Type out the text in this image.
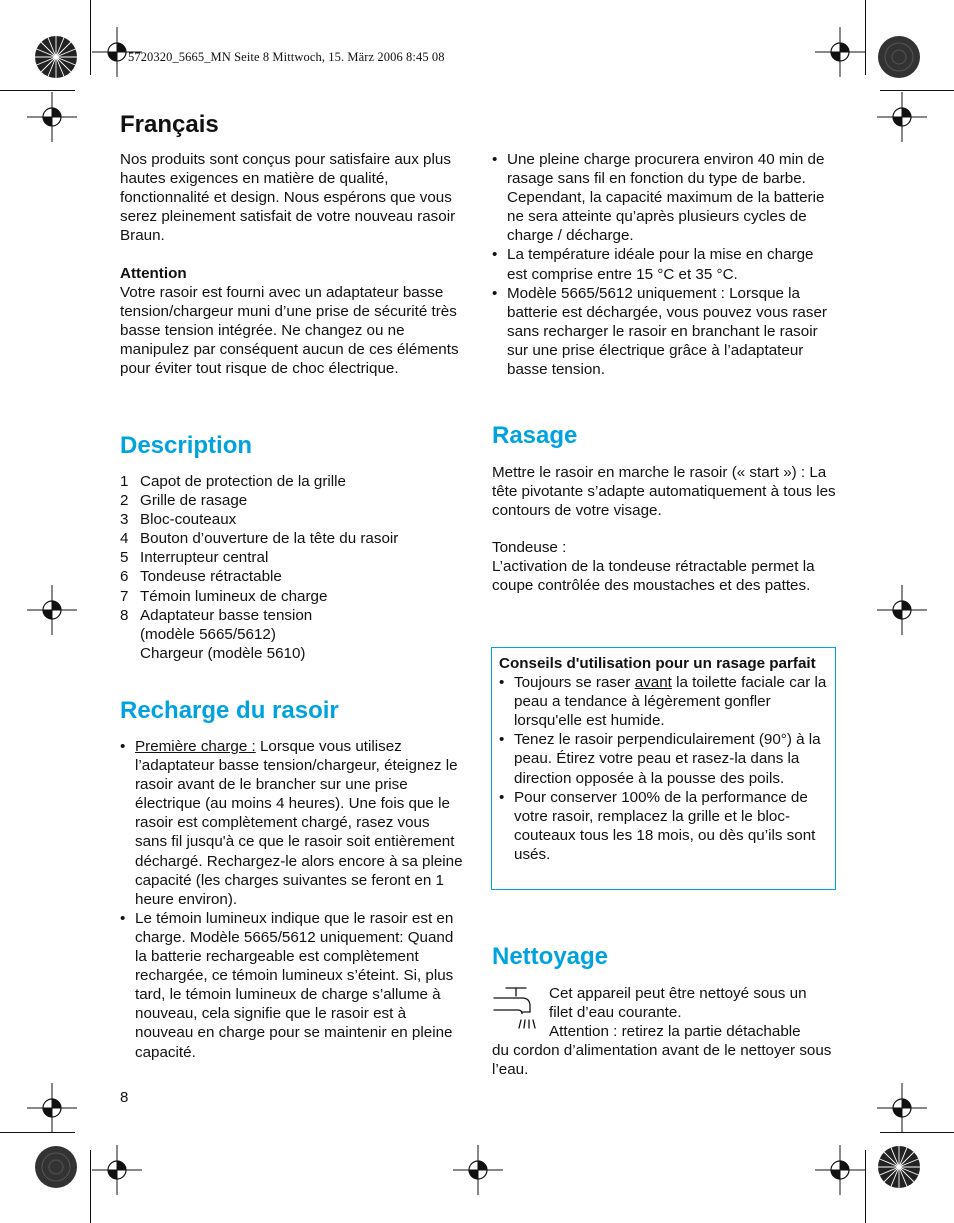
5720320_5665_MN Seite 8 Mittwoch, 15. März 2006 8:45 08
Français

Nos produits sont conçus pour satisfaire aux plus hautes exigences en matière de qualité, fonctionnalité et design. Nous espérons que vous serez pleinement satisfait de votre nouveau rasoir Braun.

Attention

Votre rasoir est fourni avec un adaptateur basse tension/chargeur muni d’une prise de sécurité très basse tension intégrée. Ne changez ou ne manipulez par conséquent aucun de ces éléments pour éviter tout risque de choc électrique.

Description
1 Capot de protection de la grille
2 Grille de rasage
3 Bloc-couteaux
4 Bouton d’ouverture de la tête du rasoir
5 Interrupteur central
6 Tondeuse rétractable
7 Témoin lumineux de charge
8 Adaptateur basse tension
(modèle 5665/5612)
Chargeur (modèle 5610)
Recharge du rasoir
• Première charge : Lorsque vous utilisez l’adaptateur basse tension/chargeur, éteignez le rasoir avant de le brancher sur une prise électrique (au moins 4 heures). Une fois que le rasoir est complètement chargé, rasez vous sans fil jusqu'à ce que le rasoir soit entièrement déchargé. Rechargez-le alors encore à sa pleine capacité (les charges suivantes se feront en 1 heure environ).
• Le témoin lumineux indique que le rasoir est en charge. Modèle 5665/5612 uniquement: Quand la batterie rechargeable est complètement rechargée, ce témoin lumineux s’éteint. Si, plus tard, le témoin lumineux de charge s’allume à nouveau, cela signifie que le rasoir est à nouveau en charge pour se maintenir en pleine capacité.
8
• Une pleine charge procurera environ 40 min de rasage sans fil en fonction du type de barbe. Cependant, la capacité maximum de la batterie ne sera atteinte qu’après plusieurs cycles de charge / décharge.
• La température idéale pour la mise en charge est comprise entre 15 °C et 35 °C.
• Modèle 5665/5612 uniquement : Lorsque la batterie est déchargée, vous pouvez vous raser sans recharger le rasoir en branchant le rasoir sur une prise électrique grâce à l’adaptateur basse tension.
Rasage

Mettre le rasoir en marche le rasoir (« start ») : La tête pivotante s’adapte automatiquement à tous les contours de votre visage.

Tondeuse :

L’activation de la tondeuse rétractable permet la coupe contrôlée des moustaches et des pattes.

Conseils d'utilisation pour un rasage parfait

• Toujours se raser avant la toilette faciale car la peau a tendance à légèrement gonfler lorsqu'elle est humide.
• Tenez le rasoir perpendiculairement (90°) à la peau. Étirez votre peau et rasez-la dans la direction opposée à la pousse des poils.
• Pour conserver 100% de la performance de votre rasoir, remplacez la grille et le bloc-couteaux tous les 18 mois, ou dès qu’ils sont usés.
Nettoyage

Cet appareil peut être nettoyé sous un

filet d’eau courante.

Attention : retirez la partie détachable

du cordon d’alimentation avant de le nettoyer sous l’eau.
